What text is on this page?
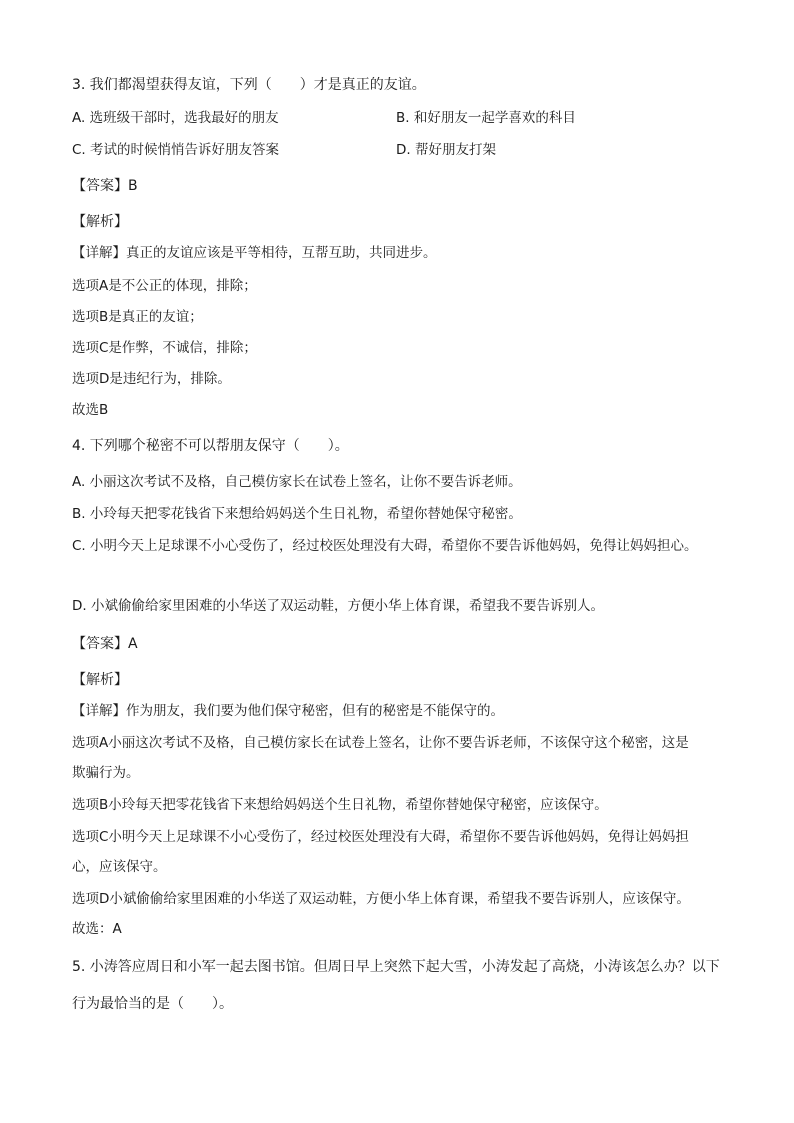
3. 我们都渴望获得友谊，下列（　　）才是真正的友谊。
A. 选班级干部时，选我最好的朋友	B. 和好朋友一起学喜欢的科目
C. 考试的时候悄悄告诉好朋友答案	D. 帮好朋友打架
【答案】B
【解析】
【详解】真正的友谊应该是平等相待，互帮互助，共同进步。
选项A是不公正的体现，排除；
选项B是真正的友谊；
选项C是作弊，不诚信，排除；
选项D是违纪行为，排除。
故选B
4. 下列哪个秘密不可以帮朋友保守（　　）。
A. 小丽这次考试不及格，自己模仿家长在试卷上签名，让你不要告诉老师。
B. 小玲每天把零花钱省下来想给妈妈送个生日礼物，希望你替她保守秘密。
C. 小明今天上足球课不小心受伤了，经过校医处理没有大碍，希望你不要告诉他妈妈，免得让妈妈担心。
D. 小斌偷偷给家里困难的小华送了双运动鞋，方便小华上体育课，希望我不要告诉别人。
【答案】A
【解析】
【详解】作为朋友，我们要为他们保守秘密，但有的秘密是不能保守的。
选项A小丽这次考试不及格，自己模仿家长在试卷上签名，让你不要告诉老师，不该保守这个秘密，这是
欺骗行为。
选项B小玲每天把零花钱省下来想给妈妈送个生日礼物，希望你替她保守秘密，应该保守。
选项C小明今天上足球课不小心受伤了，经过校医处理没有大碍，希望你不要告诉他妈妈，免得让妈妈担
心，应该保守。
选项D小斌偷偷给家里困难的小华送了双运动鞋，方便小华上体育课，希望我不要告诉别人，应该保守。
故选：A
5. 小涛答应周日和小军一起去图书馆。但周日早上突然下起大雪，小涛发起了高烧，小涛该怎么办？以下
行为最恰当的是（　　）。
